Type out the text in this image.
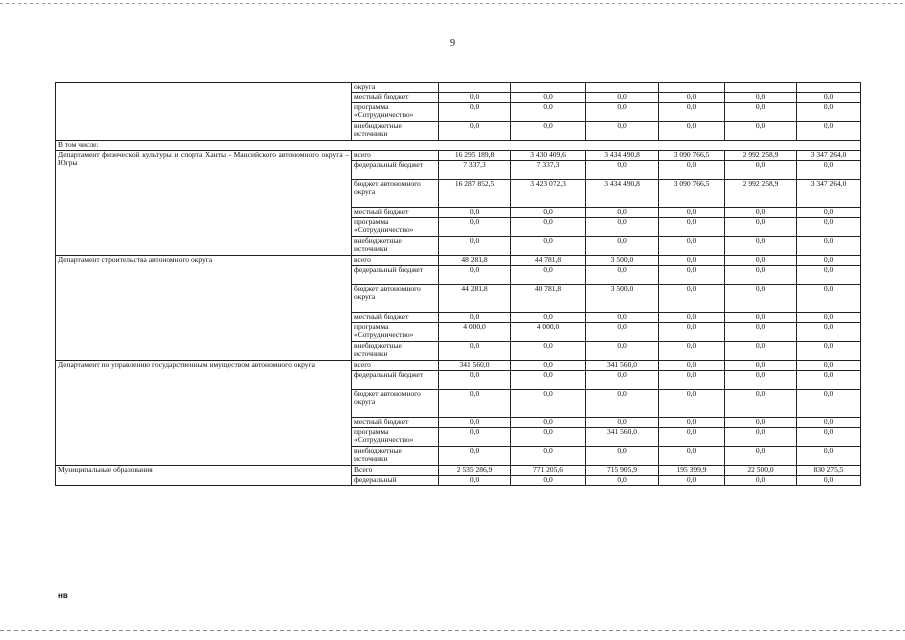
9
	округа						
	местный бюджет	0,0	0,0	0,0	0,0	0,0	0,0
	программа «Сотрудничество»	0,0	0,0	0,0	0,0	0,0	0,0
	внебюджетные источники	0,0	0,0	0,0	0,0	0,0	0,0
В том числе:							
Департамент физической культуры и спорта Ханты - Мансийского автономного округа – Югры	всего	16 295 189,8	3 430 409,6	3 434 490,8	3 090 766,5	2 992 258,9	3 347 264,0
	федеральный бюджет	7 337,3	7 337,3	0,0	0,0	0,0	0,0
	бюджет автономного округа	16 287 852,5	3 423 072,3	3 434 490,8	3 090 766,5	2 992 258,9	3 347 264,0
	местный бюджет	0,0	0,0	0,0	0,0	0,0	0,0
	программа «Сотрудничество»	0,0	0,0	0,0	0,0	0,0	0,0
	внебюджетные источники	0,0	0,0	0,0	0,0	0,0	0,0
Департамент строительства автономного округа	всего	48 281,8	44 781,8	3 500,0	0,0	0,0	0,0
	федеральный бюджет	0,0	0,0	0,0	0,0	0,0	0,0
	бюджет автономного округа	44 281,8	40 781,8	3 500,0	0,0	0,0	0,0
	местный бюджет	0,0	0,0	0,0	0,0	0,0	0,0
	программа «Сотрудничество»	4 000,0	4 000,0	0,0	0,0	0,0	0,0
	внебюджетные источники	0,0	0,0	0,0	0,0	0,0	0,0
Департамент по управлению государственным имуществом автономного округа	всего	341 560,0	0,0	341 560,0	0,0	0,0	0,0
	федеральный бюджет	0,0	0,0	0,0	0,0	0,0	0,0
	бюджет автономного округа	0,0	0,0	0,0	0,0	0,0	0,0
	местный бюджет	0,0	0,0	0,0	0,0	0,0	0,0
	программа «Сотрудничество»	0,0	0,0	341 560,0	0,0	0,0	0,0
	внебюджетные источники	0,0	0,0	0,0	0,0	0,0	0,0
Муниципальные образования	Всего	2 535 286,9	771 205,6	715 905,9	195 399,9	22 500,0	830 275,5
	федеральный	0,0	0,0	0,0	0,0	0,0	0,0
нв
